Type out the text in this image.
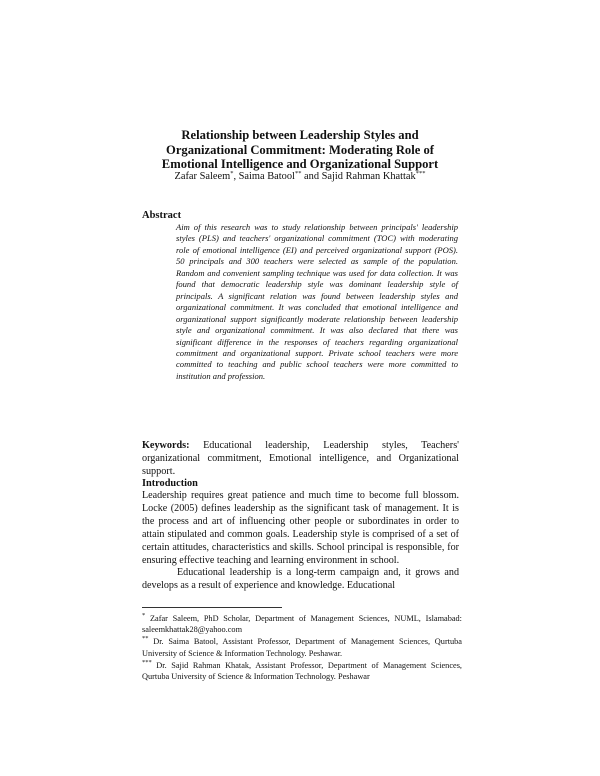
Relationship between Leadership Styles and
Organizational Commitment: Moderating Role of
Emotional Intelligence and Organizational Support
Zafar Saleem*, Saima Batool** and Sajid Rahman Khattak***
Abstract
Aim of this research was to study relationship between principals' leadership styles (PLS) and teachers' organizational commitment (TOC) with moderating role of emotional intelligence (EI) and perceived organizational support (POS). 50 principals and 300 teachers were selected as sample of the population. Random and convenient sampling technique was used for data collection. It was found that democratic leadership style was dominant leadership style of principals. A significant relation was found between leadership styles and organizational commitment. It was concluded that emotional intelligence and organizational support significantly moderate relationship between leadership style and organizational commitment. It was also declared that there was significant difference in the responses of teachers regarding organizational commitment and organizational support. Private school teachers were more committed to teaching and public school teachers were more committed to institution and profession.
Keywords: Educational leadership, Leadership styles, Teachers' organizational commitment, Emotional intelligence, and Organizational support.
Introduction

Leadership requires great patience and much time to become full blossom. Locke (2005) defines leadership as the significant task of management. It is the process and art of influencing other people or subordinates in order to attain stipulated and common goals. Leadership style is comprised of a set of certain attitudes, characteristics and skills. School principal is responsible, for ensuring effective teaching and learning environment in school.

Educational leadership is a long-term campaign and, it grows and develops as a result of experience and knowledge. Educational

* Zafar Saleem, PhD Scholar, Department of Management Sciences, NUML, Islamabad: saleemkhattak28@yahoo.com

** Dr. Saima Batool, Assistant Professor, Department of Management Sciences, Qurtuba University of Science & Information Technology. Peshawar.

*** Dr. Sajid Rahman Khatak, Assistant Professor, Department of Management Sciences, Qurtuba University of Science & Information Technology. Peshawar
